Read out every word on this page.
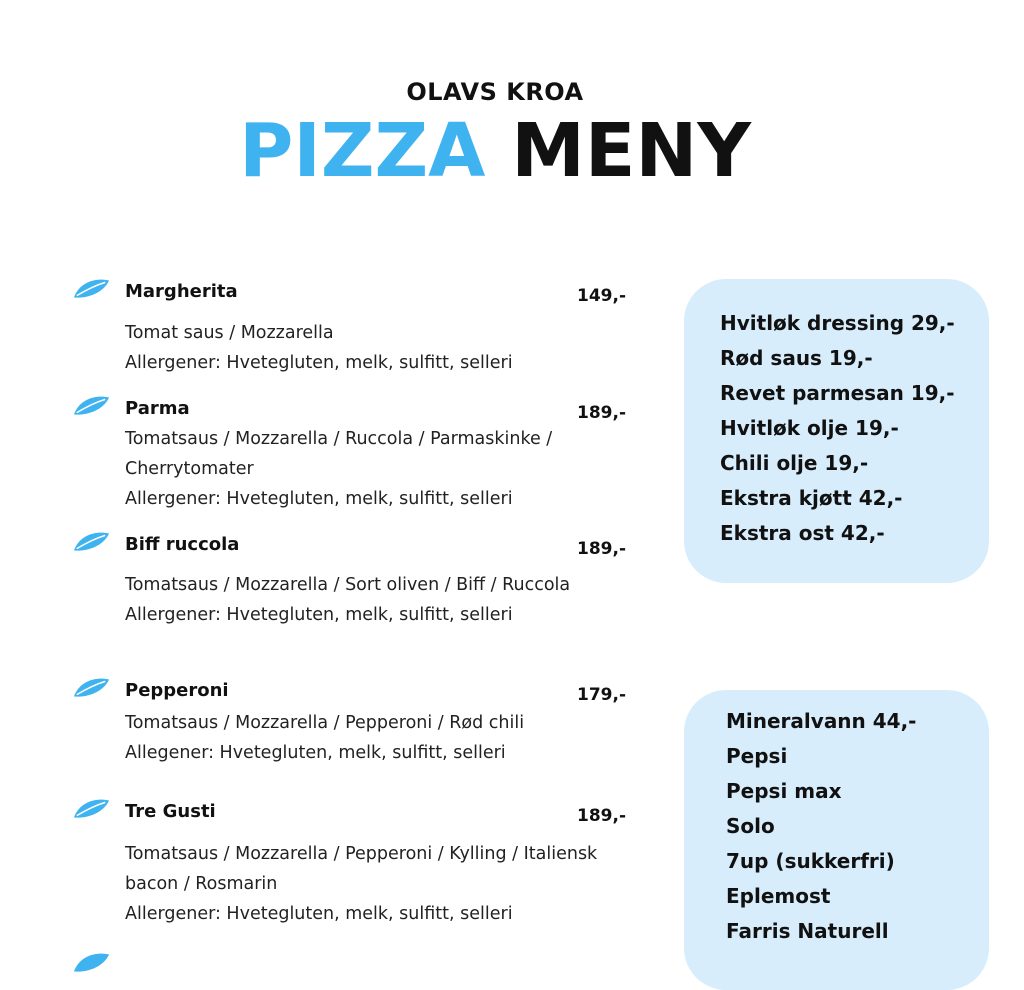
OLAVS KROA
PIZZA MENY
Margherita	149,-
Tomat saus / Mozzarella
Allergener: Hvetegluten, melk, sulfitt, selleri
Parma	189,-
Tomatsaus / Mozzarella / Ruccola / Parmaskinke /
Cherrytomater
Allergener: Hvetegluten, melk, sulfitt, selleri
Biff ruccola	189,-
Tomatsaus / Mozzarella / Sort oliven / Biff / Ruccola
Allergener: Hvetegluten, melk, sulfitt, selleri
Pepperoni	179,-
Tomatsaus / Mozzarella / Pepperoni / Rød chili
Allegener: Hvetegluten, melk, sulfitt, selleri
Tre Gusti	189,-
Tomatsaus / Mozzarella / Pepperoni / Kylling / Italiensk
bacon / Rosmarin
Allergener: Hvetegluten, melk, sulfitt, selleri
Hvitløk dressing 29,-
Rød saus 19,-
Revet parmesan 19,-
Hvitløk olje 19,-
Chili olje 19,-
Ekstra kjøtt 42,-
Ekstra ost 42,-
Mineralvann 44,-
Pepsi
Pepsi max
Solo
7up (sukkerfri)
Eplemost
Farris Naturell
